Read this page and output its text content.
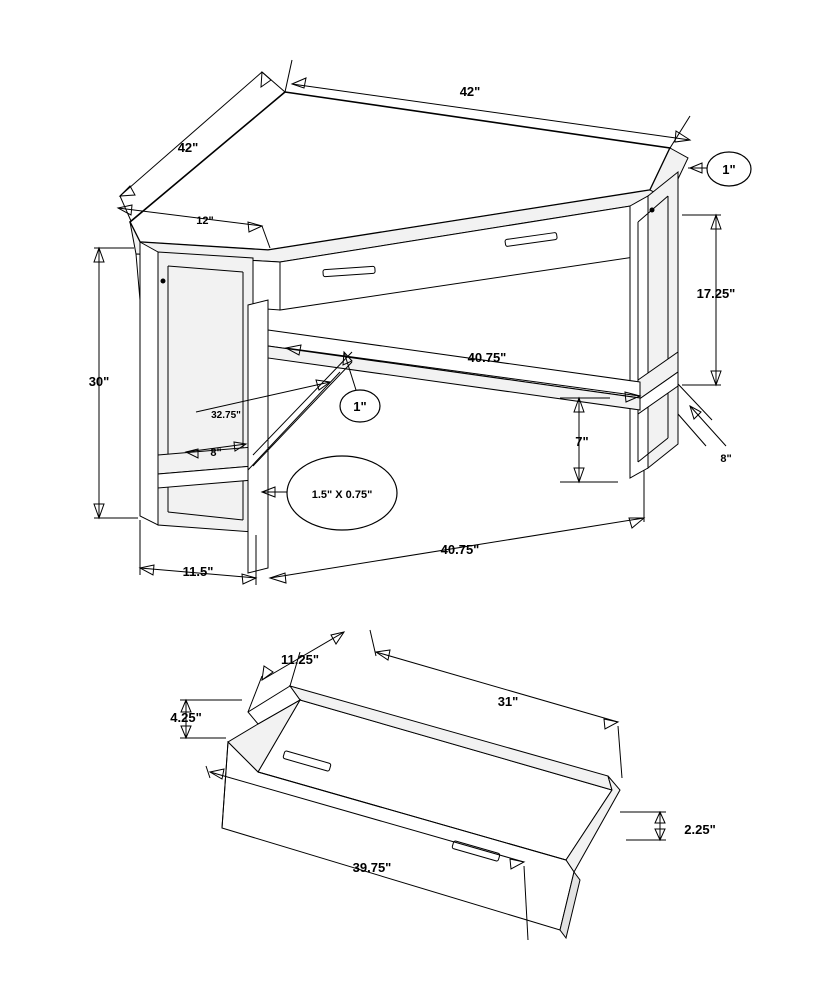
42"
42"
12"
30"
17.25"
40.75"
32.75"
8"
7"
8"
11.5"
40.75"
1"
1"
1.5" X 0.75"
11.25"
31"
4.25"
39.75"
2.25"
